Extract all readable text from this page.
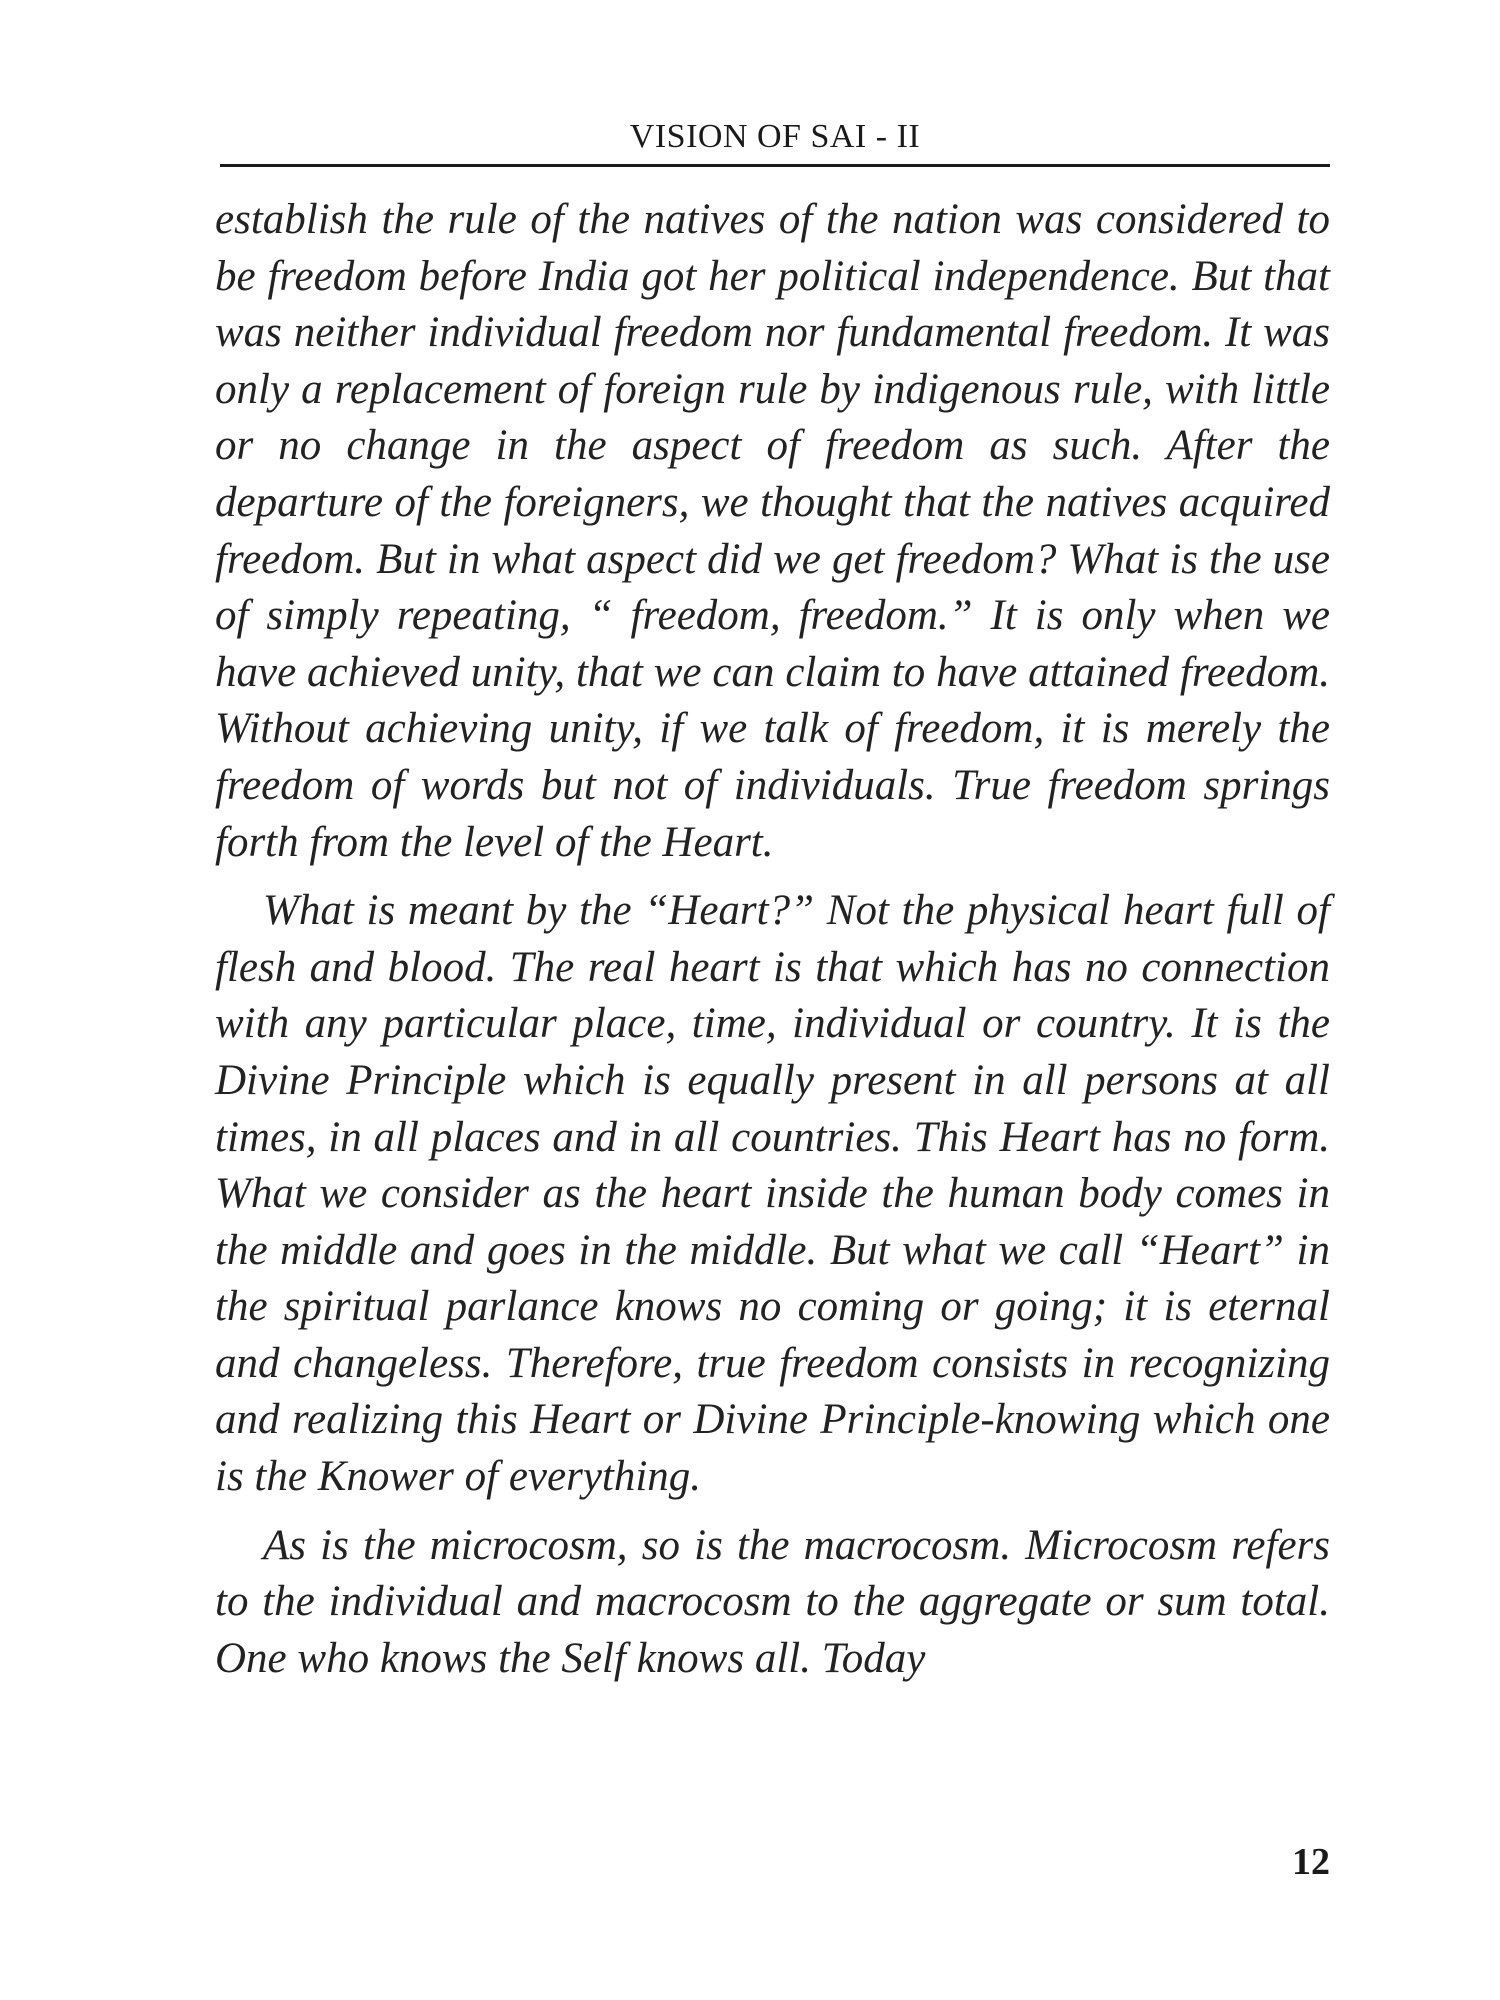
VISION OF SAI - II

establish the rule of the natives of the nation was considered to be freedom before India got her political independence. But that was neither individual freedom nor fundamental freedom. It was only a replacement of foreign rule by indigenous rule, with little or no change in the aspect of freedom as such. After the departure of the foreigners, we thought that the natives acquired freedom. But in what aspect did we get freedom? What is the use of simply repeating, “ freedom, freedom.” It is only when we have achieved unity, that we can claim to have attained freedom. Without achieving unity, if we talk of freedom, it is merely the freedom of words but not of individuals. True freedom springs forth from the level of the Heart.

What is meant by the “Heart?” Not the physical heart full of flesh and blood. The real heart is that which has no connection with any particular place, time, individual or country. It is the Divine Principle which is equally present in all persons at all times, in all places and in all countries. This Heart has no form. What we consider as the heart inside the human body comes in the middle and goes in the middle. But what we call “Heart” in the spiritual parlance knows no coming or going; it is eternal and changeless. Therefore, true freedom consists in recognizing and realizing this Heart or Divine Principle-knowing which one is the Knower of everything.

As is the microcosm, so is the macrocosm. Microcosm refers to the individual and macrocosm to the aggregate or sum total. One who knows the Self knows all. Today

12
